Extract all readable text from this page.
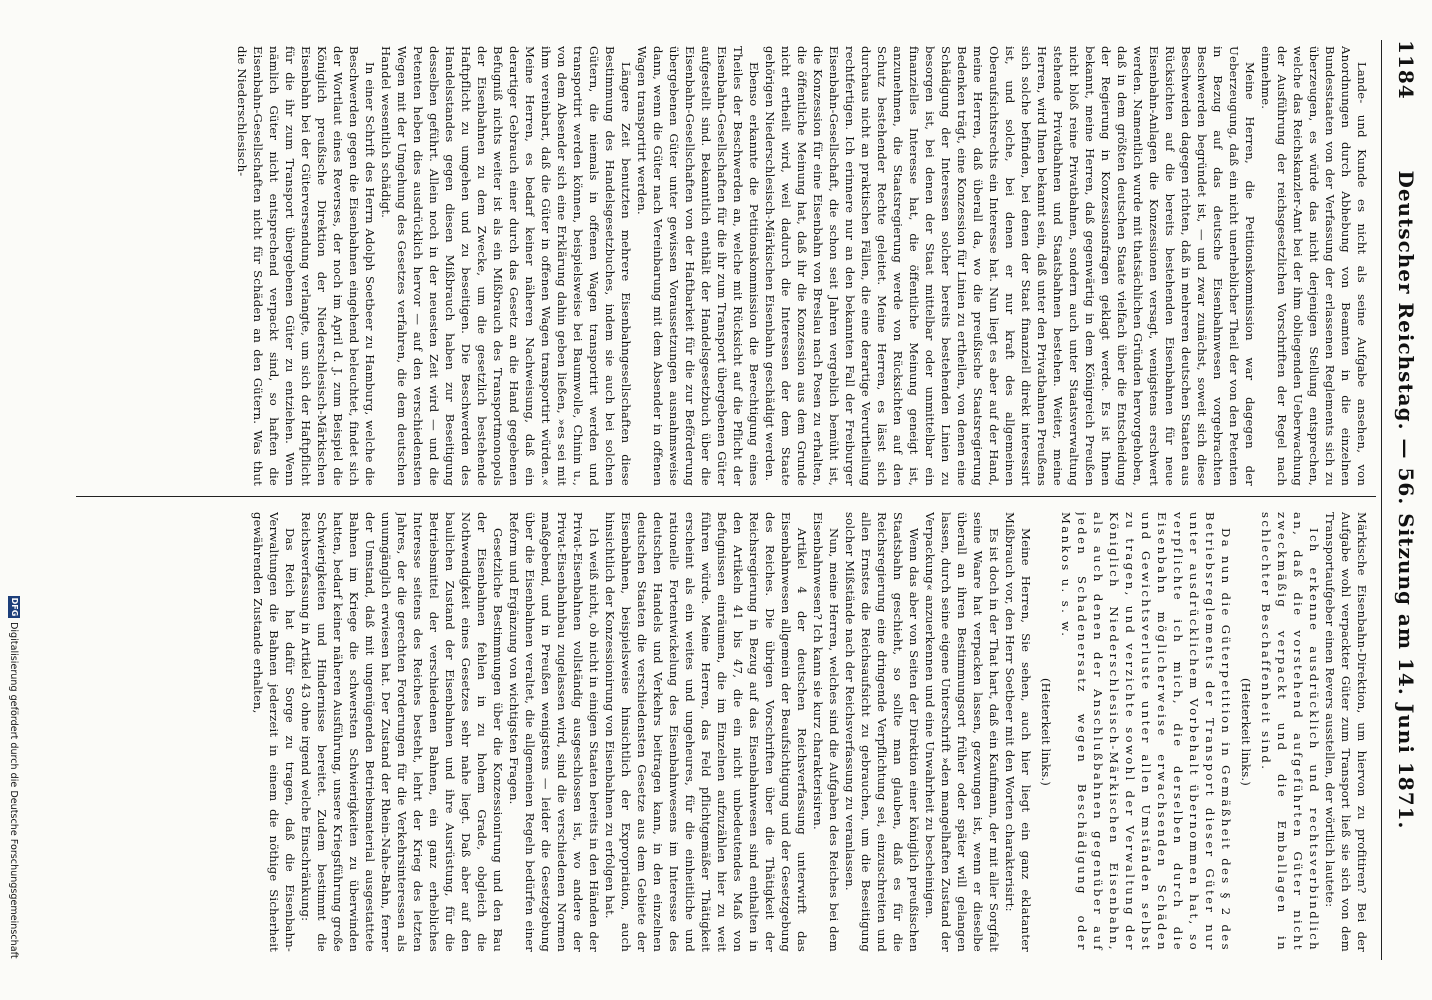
1184
Deutscher Reichstag. — 56. Sitzung am 14. Juni 1871.

Lande- und Kunde es nicht als seine Aufgabe ansehen, von Anordnungen durch Abhebung von Beamten in die einzelnen Bundesstaaten von der Verfassung der erlassenen Reglements sich zu überzeugen, es würde das nicht derjenigen Stellung entsprechen, welche das Reichskanzler-Amt bei der ihm obliegenden Ueberwachung der Ausführung der reichsgesetzlichen Vorschriften der Regel nach einnehme.

Meine Herren, die Petitionskommission war dagegen der Ueberzeugung, daß ein nicht unerheblicher Theil der von den Petenten in Bezug auf das deutsche Eisenbahnwesen vorgebrachten Beschwerden begründet ist, — und zwar zunächst, soweit sich diese Beschwerden dagegen richten, daß in mehreren deutschen Staaten aus Rücksichten auf die bereits bestehenden Eisenbahnen für neue Eisenbahn-Anlagen die Konzessionen versagt, wenigstens erschwert werden. Namentlich wurde mit thatsächlichen Gründen hervorgehoben, daß in dem größten deutschen Staate vielfach über die Entscheidung der Regierung in Konzessionsfragen geklagt werde. Es ist Ihnen bekannt, meine Herren, daß gegenwärtig in dem Königreich Preußen nicht bloß reine Privatbahnen, sondern auch unter Staatsverwaltung stehende Privatbahnen und Staatsbahnen bestehen. Weiter, meine Herren, wird Ihnen bekannt sein, daß unter den Privatbahnen Preußens sich solche befinden, bei denen der Staat finanziell direkt interessirt ist, und solche, bei denen er nur kraft des allgemeinen Oberaufsichtsrechts ein Interesse hat. Nun liegt es aber auf der Hand, meine Herren, daß überall da, wo die preußische Staatsregierung Bedenken trägt, eine Konzession für Linien zu ertheilen, von denen eine Schädigung der Interessen solcher bereits bestehenden Linien zu besorgen ist, bei denen der Staat mittelbar oder unmittelbar ein finanzielles Interesse hat, die öffentliche Meinung geneigt ist, anzunehmen, die Staatsregierung werde von Rücksichten auf den Schutz bestehender Rechte geleitet. Meine Herren, es lässt sich durchaus nicht an praktischen Fällen, die eine derartige Verurtheilung rechtfertigen. Ich erinnere nur an den bekannten Fall der Freiburger Eisenbahn-Gesellschaft, die schon seit Jahren vergeblich bemüht ist, die Konzession für eine Eisenbahn von Breslau nach Posen zu erhalten, die öffentliche Meinung hat, daß ihr die Konzession aus dem Grunde nicht ertheilt wird, weil dadurch die Interessen der dem Staate gehörigen Niederschlesisch-Märkischen Eisenbahn geschädigt werden.

Ebenso erkannte die Petitionskommission die Berechtigung eines Theiles der Beschwerden an, welche mit Rücksicht auf die Pflicht der Eisenbahn-Gesellschaften für die ihr zum Transport übergebenen Güter aufgestellt sind. Bekanntlich enthält der Handelsgesetzbuch über die Eisenbahn-Gesellschaften von der Haftbarkeit für die zur Beförderung übergebenen Güter unter gewissen Voraussetzungen ausnahmsweise dann, wenn die Güter nach Vereinbarung mit dem Absender in offenen Wagen transportirt werden.

Längere Zeit benutzten mehrere Eisenbahngesellschaften diese Bestimmung des Handelsgesetzbuches, indem sie auch bei solchen Gütern, die niemals in offenen Wagen transportirt werden und transportirt werden können, beispielsweise bei Baumwolle, Chinin u., von dem Absender sich eine Erklärung dahin geben ließen, »es sei mit ihm vereinbart, daß die Güter in offenen Wagen transportirt würden.« Meine Herren, es bedarf keiner näheren Nachweisung, daß ein derartiger Gebrauch einer durch das Gesetz an die Hand gegebenen Befugniß nichts weiter ist als ein Mißbrauch des Transportmonopols der Eisenbahnen zu dem Zwecke, um die gesetzlich bestehende Haftpflicht zu umgehen und zu beseitigen. Die Beschwerden des Handelsstandes gegen diesen Mißbrauch haben zur Beseitigung desselben geführt. Allein noch in der neuesten Zeit wird — und die Petenten heben dies ausdrücklich hervor — auf den verschiedensten Wegen mit der Umgehung des Gesetzes verfahren, die dem deutschen Handel wesentlich schädigt.

In einer Schrift des Herrn Adolph Soetbeer zu Hamburg, welche die Beschwerden gegen die Eisenbahnen eingehend beleuchtet, findet sich der Wortlaut eines Reverses, der noch im April d. J. zum Beispiel die Königlich preußische Direktion der Niederschlesisch-Märkischen Eisenbahn bei der Güterversendung verlangte, um sich der Haftpflicht für die ihr zum Transport übergebenen Güter zu entziehen. Wenn nämlich Güter nicht entsprechend verpackt sind, so haften die Eisenbahn-Gesellschaften nicht für Schäden an den Gütern. Was thut die Niederschlesisch-

Märkische Eisenbahn-Direktion, um hiervon zu profitiren? Bei der Aufgabe wohl verpackter Güter zum Transport ließ sie sich von dem Transportaufgeber einen Revers ausstellen, der wörtlich lautete:

Ich erkenne ausdrücklich und rechtsverbindlich an, daß die vorstehend aufgeführten Güter nicht zweckmäßig verpackt und die Emballagen in schlechter Beschaffenheit sind.

(Heiterkeit links.)

Da nun die Güterpetition in Gemäßheit des § 2 des Betriebsreglements der Transport dieser Güter nur unter ausdrücklichem Vorbehalt übernommen hat, so verpflichte ich mich, die derselben durch die Eisenbahn möglicherweise erwachsenden Schäden und Gewichtsverluste unter allen Umständen selbst zu tragen, und verzichte sowohl der Verwaltung der Königlich Niederschlesisch-Märkischen Eisenbahn, als auch denen der Anschlußbahnen gegenüber auf jeden Schadenersatz wegen Beschädigung oder Mankos u. s. w.

(Heiterkeit links.)

Meine Herren, Sie sehen, auch hier liegt ein ganz eklatanter Mißbrauch vor, den Herr Soetbeer mit den Worten charakterisirt:

Es ist doch in der That hart, daß ein Kaufmann, der mit aller Sorgfalt seine Waare hat verpacken lassen, gezwungen ist, wenn er dieselbe überall an ihren Bestimmungsort früher oder später will gelangen lassen, durch seine eigene Unterschrift »den mangelhaften Zustand der Verpackung« anzuerkennen und eine Unwahrheit zu bescheinigen.

Wenn das aber von Seiten der Direktion einer königlich preußischen Staatsbahn geschieht, so sollte man glauben, daß es für die Reichsregierung eine dringende Verpflichtung sei, einzuschreiten und allen Ernstes die Reichsaufsicht zu gebrauchen, um die Beseitigung solcher Mißstände nach der Reichsverfassung zu veranlassen.

Nun, meine Herren, welches sind die Aufgaben des Reiches bei dem Eisenbahnwesen? Ich kann sie kurz charakterisiren.

Artikel 4 der deutschen Reichsverfassung unterwirft das Eisenbahnwesen allgemein der Beaufsichtigung und der Gesetzgebung des Reiches. Die übrigen Vorschriften über die Thätigkeit der Reichsregierung in Bezug auf das Eisenbahnwesen sind enthalten in den Artikeln 41 bis 47, die ein nicht unbedeutendes Maß von Befugnissen einräumen, die im Einzelnen aufzuzählen hier zu weit führen würde. Meine Herren, das Feld pflichtgemäßer Thätigkeit erscheint als ein weites und ungeheures, für die einheitliche und rationelle Fortentwickelung des Eisenbahnwesens im Interesse des deutschen Handels und Verkehrs beitragen kann, in den einzelnen deutschen Staaten die verschiedensten Gesetze aus dem Gebiete der Eisenbahnen, beispielsweise hinsichtlich der Expropriation, auch hinsichtlich der Konzessionirung von Eisenbahnen zu erfolgen hat.

Ich weiß nicht, ob nicht in einigen Staaten bereits in den Händen der Privat-Eisenbahnen vollständig ausgeschlossen ist, wo andere der Privat-Eisenbahnbau zugelassen wird, sind die verschiedenen Normen maßgebend, und in Preußen wenigstens — leider die Gesetzgebung über die Eisenbahnen veraltet, die allgemeinen Regeln bedürfen einer Reform und Ergänzung von wichtigsten Fragen.

Gesetzliche Bestimmungen über die Konzessionirung und den Bau der Eisenbahnen fehlen in zu hohem Grade, obgleich die Nothwendigkeit eines Gesetzes sehr nahe liegt. Daß aber auf den baulichen Zustand der Eisenbahnen und ihre Ausrüstung, für die Betriebsmittel der verschiedenen Bahnen, ein ganz erhebliches Interesse seitens des Reiches besteht, lehrt der Krieg des letzten Jahres, der die gerechten Forderungen für die Verkehrsinteressen als unumgänglich erwiesen hat. Der Zustand der Rhein-Nahe-Bahn, ferner der Umstand, daß mit ungenügenden Betriebsmaterial ausgestattete Bahnen im Kriege die schwersten Schwierigkeiten zu überwinden hatten, bedarf keiner näheren Ausführung, unsere Kriegsführung große Schwierigkeiten und Hindernisse bereitet. Zudem bestimmt die Reichsverfassung in Artikel 43 ohne irgend welche Einschränkung:

Das Reich hat dafür Sorge zu tragen, daß die Eisenbahn-Verwaltungen die Bahnen jederzeit in einem die nöthige Sicherheit gewährenden Zustande erhalten,

DFG
Digitalisierung gefördert durch die Deutsche Forschungsgemeinschaft
